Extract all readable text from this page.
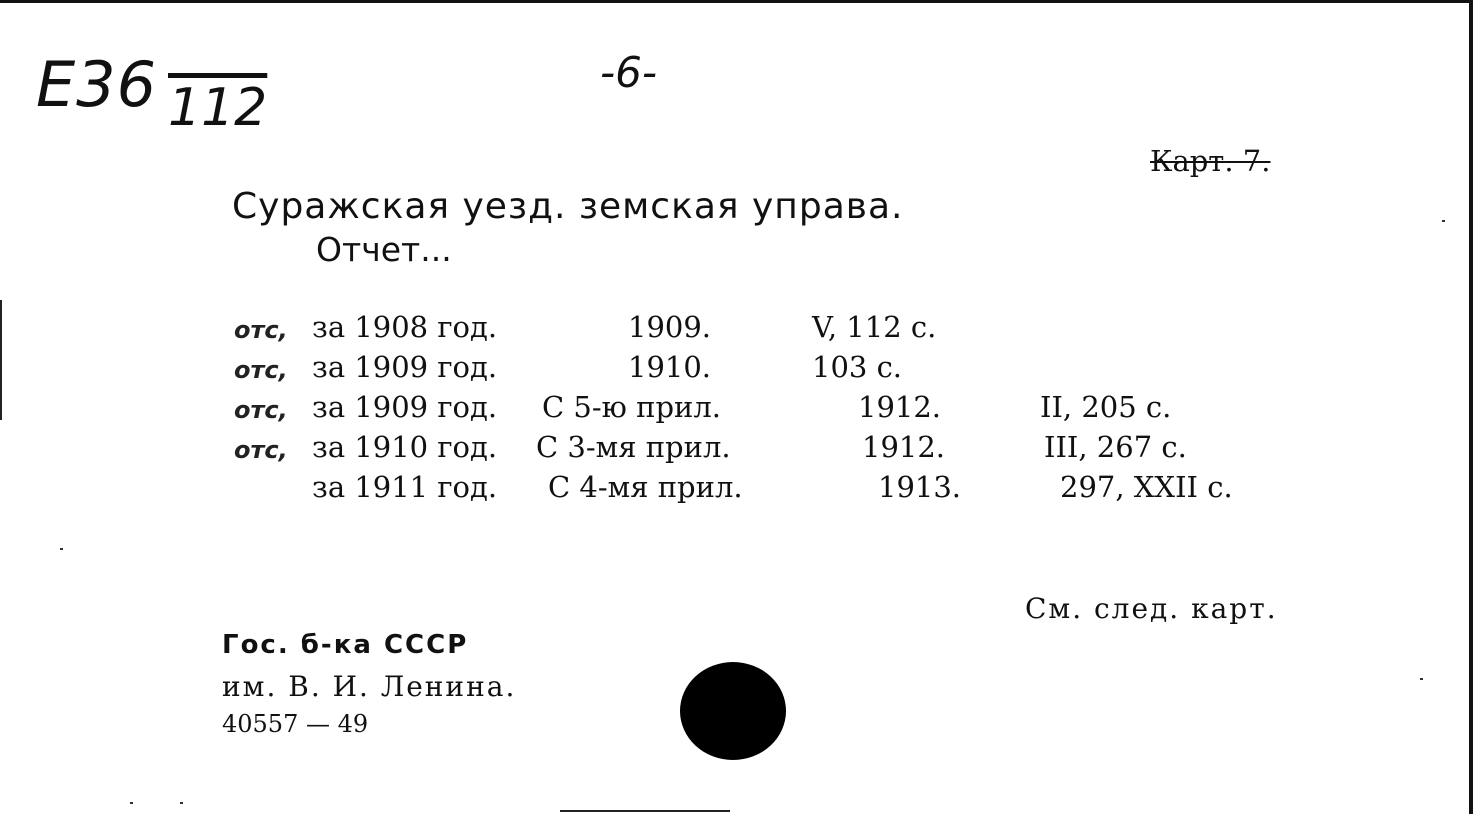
E36 112
-6-
Карт. 7.
Суражская уезд. земская управа.
Отчет...
отс, за 1908 год.	1909.	V, 112 с.
отс, за 1909 год.	1910.	103 с.
отс, за 1909 год. С 5-ю прил.	1912.	II, 205 с.
отс, за 1910 год. С 3-мя прил.	1912.	III, 267 с.
за 1911 год. С 4-мя прил.	1913.	297, XXII с.
См. след. карт.
Гос. б-ка СССР
им. В. И. Ленина.
40557 — 49
